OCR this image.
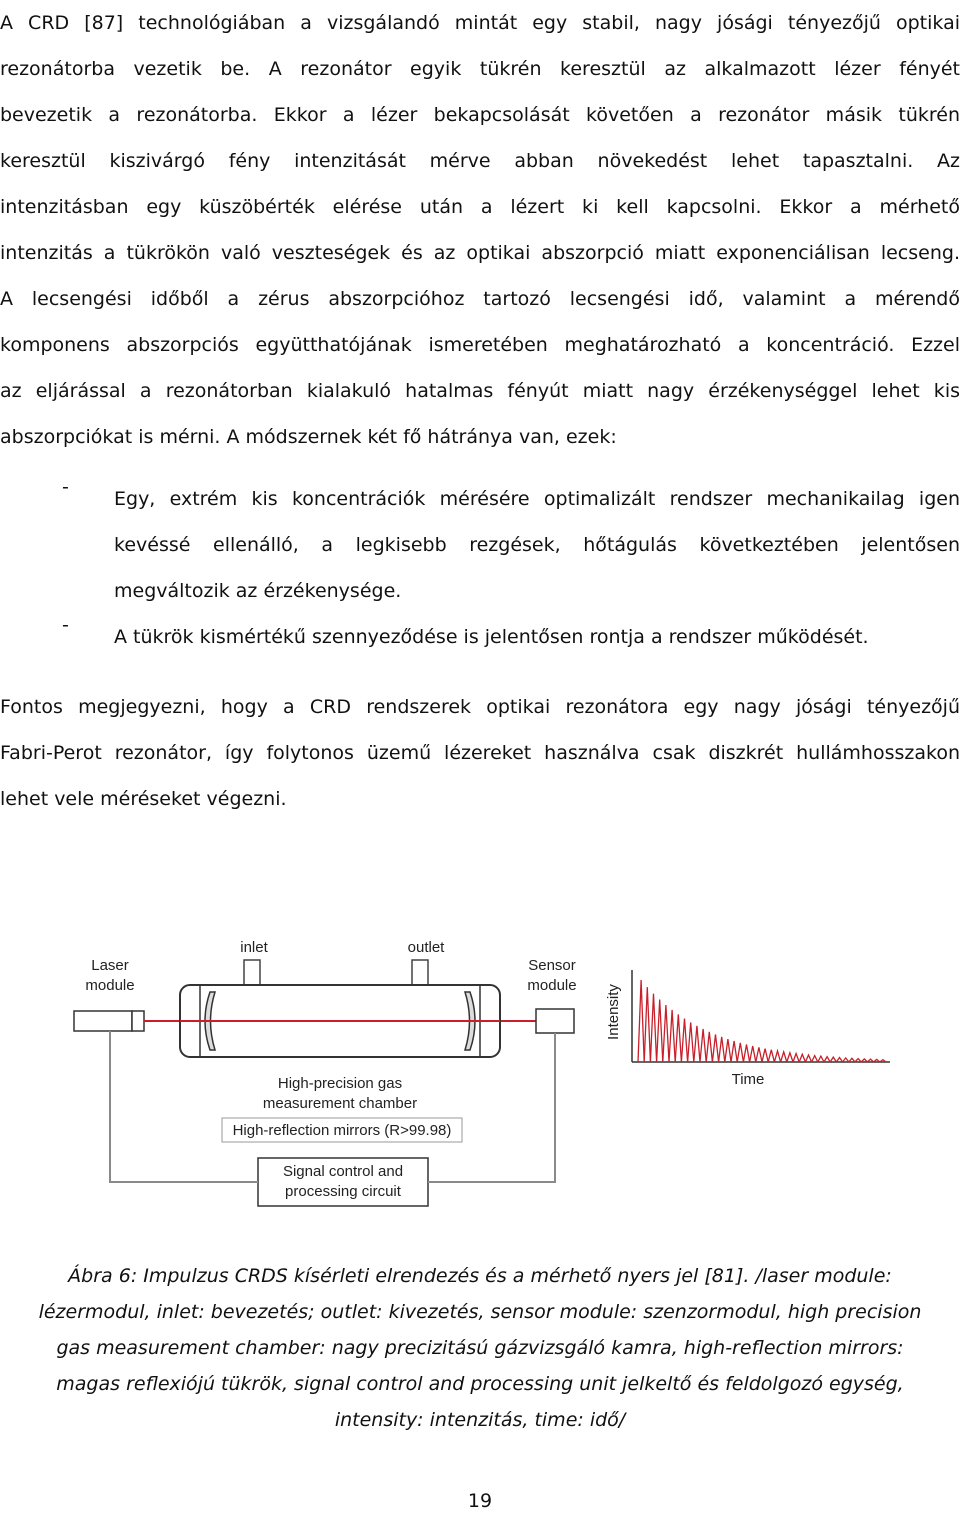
A CRD [87] technológiában a vizsgálandó mintát egy stabil, nagy jósági tényezőjű optikai
rezonátorba vezetik be. A rezonátor egyik tükrén keresztül az alkalmazott lézer fényét
bevezetik a rezonátorba. Ekkor a lézer bekapcsolását követően a rezonátor másik tükrén
keresztül kiszivárgó fény intenzitását mérve abban növekedést lehet tapasztalni. Az
intenzitásban egy küszöbérték elérése után a lézert ki kell kapcsolni. Ekkor a mérhető
intenzitás a tükrökön való veszteségek és az optikai abszorpció miatt exponenciálisan lecseng.
A lecsengési időből a zérus abszorpcióhoz tartozó lecsengési idő, valamint a mérendő
komponens abszorpciós együtthatójának ismeretében meghatározható a koncentráció. Ezzel
az eljárással a rezonátorban kialakuló hatalmas fényút miatt nagy érzékenységgel lehet kis
abszorpciókat is mérni. A módszernek két fő hátránya van, ezek:
-
Egy, extrém kis koncentrációk mérésére optimalizált rendszer mechanikailag igen
kevéssé ellenálló, a legkisebb rezgések, hőtágulás következtében jelentősen
megváltozik az érzékenysége.
-
A tükrök kismértékű szennyeződése is jelentősen rontja a rendszer működését.
Fontos megjegyezni, hogy a CRD rendszerek optikai rezonátora egy nagy jósági tényezőjű
Fabri-Perot rezonátor, így folytonos üzemű lézereket használva csak diszkrét hullámhosszakon
lehet vele méréseket végezni.
Laser
module
inlet	outlet
Sensor
module
High-precision gas
measurement chamber
High-reflection mirrors (R>99.98)
Signal control and
processing circuit
Intensity
Time
Ábra 6: Impulzus CRDS kísérleti elrendezés és a mérhető nyers jel [81]. /laser module:
lézermodul, inlet: bevezetés; outlet: kivezetés, sensor module: szenzormodul, high precision
gas measurement chamber: nagy precizitású gázvizsgáló kamra, high-reflection mirrors:
magas reflexiójú tükrök, signal control and processing unit jelkeltő és feldolgozó egység,
intensity: intenzitás, time: idő/
19
